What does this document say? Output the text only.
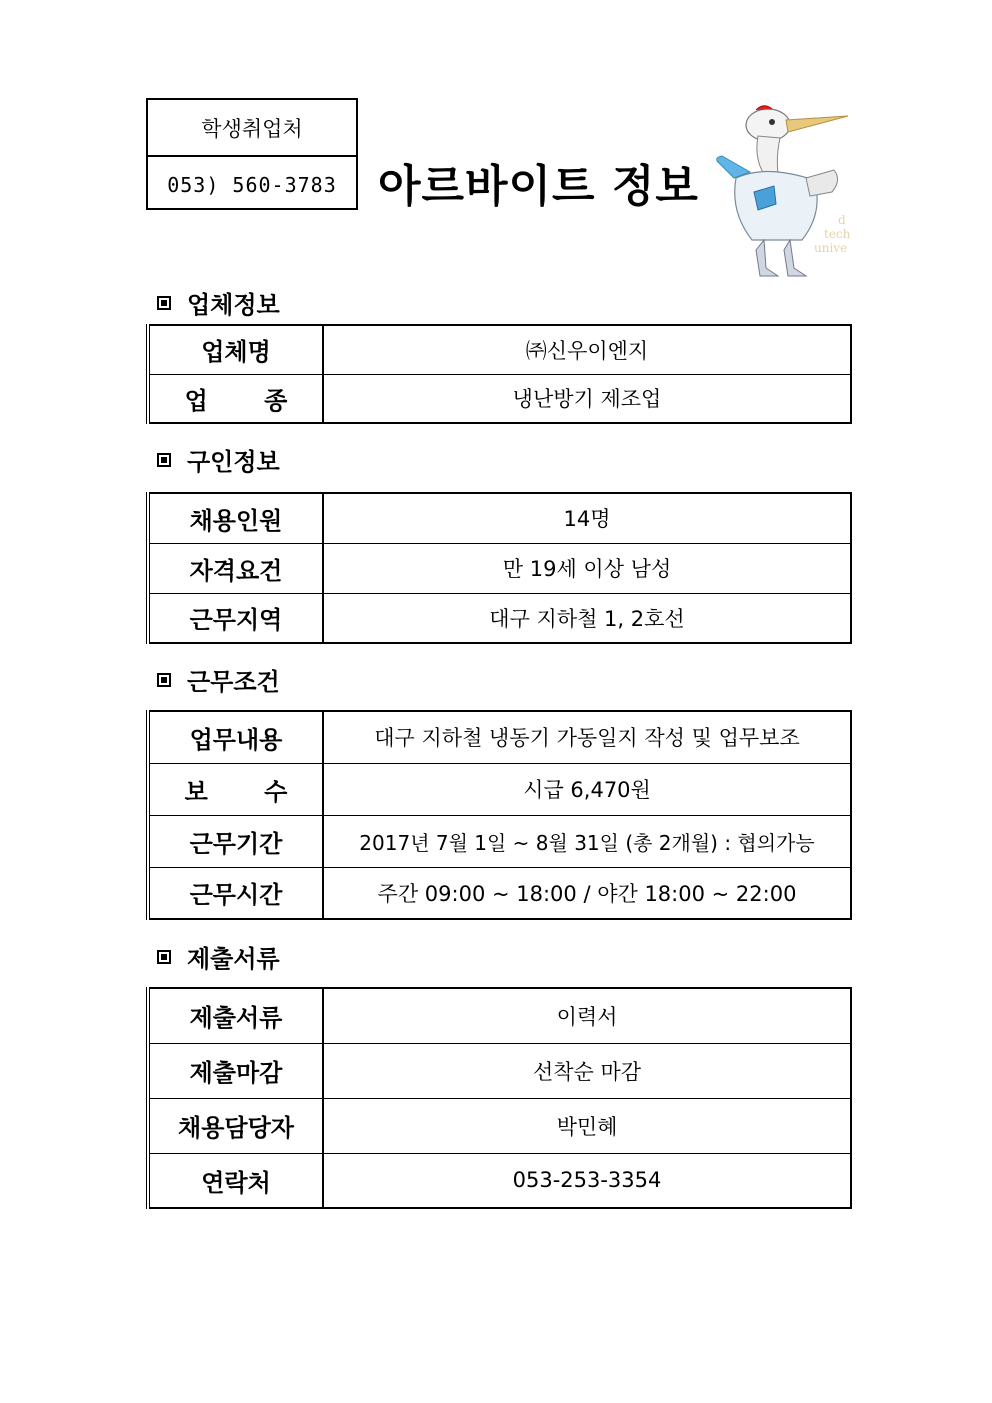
학생취업처
053) 560-3783 아르바이트 정보
d
tech
unive
업체정보
업체명	㈜신우이엔지
업 종	냉난방기 제조업
구인정보
채용인원	14명
자격요건	만 19세 이상 남성
근무지역	대구 지하철 1, 2호선
근무조건
업무내용	대구 지하철 냉동기 가동일지 작성 및 업무보조
보 수	시급 6,470원
근무기간	2017년 7월 1일 ~ 8월 31일 (총 2개월) : 협의가능
근무시간	주간 09:00 ~ 18:00 / 야간 18:00 ~ 22:00
제출서류
제출서류	이력서
제출마감	선착순 마감
채용담당자	박민혜
연락처	053-253-3354
